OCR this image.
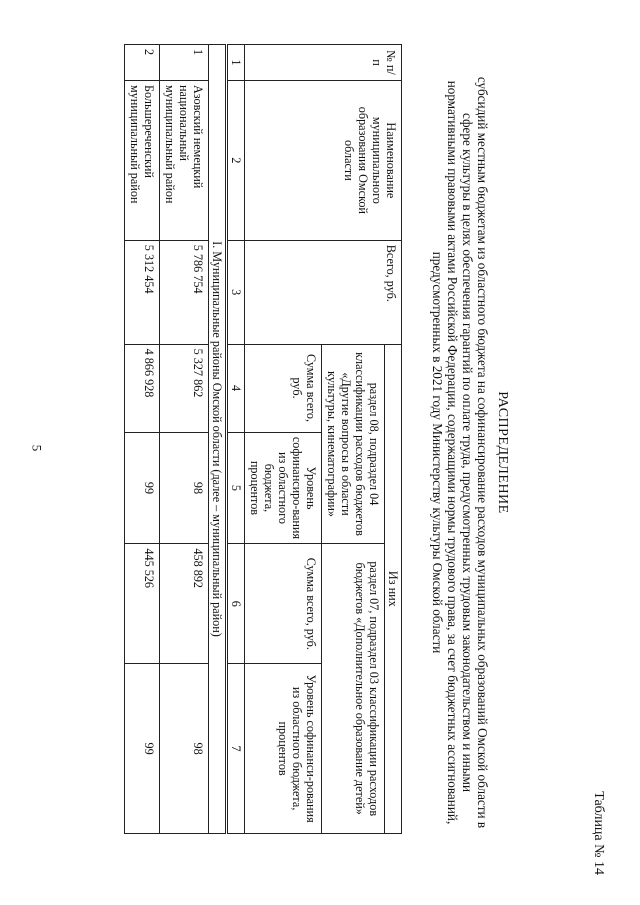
5
Таблица № 14
РАСПРЕДЕЛЕНИЕ
субсидий местным бюджетам из областного бюджета на софинансирование расходов муниципальных образований Омской области в сфере культуры в целях обеспечения гарантий по оплате труда, предусмотренных трудовым законодательством и иными нормативными правовыми актами Российской Федерации, содержащими нормы трудового права, за счет бюджетных ассигнований, предусмотренных в 2021 году Министерству культуры Омской области
№ п/п	Наименование муниципального образования Омской области	Всего, руб.	Из них			
			раздел 08, подраздел 04 классификации расходов бюджетов «Другие вопросы в области культуры, кинематографии»		раздел 07, подраздел 03 классификации расходов бюджетов «Дополнительное образование детей»	
			Сумма всего, руб.	Уровень софинансиро-вания из областного бюджета, процентов	Сумма всего, руб.	Уровень софинанси-рования из областного бюджета, процентов
1	2	3	4	5	6	7
I. Муниципальные районы Омской области (далее – муниципальный район)						
1	Азовский немецкий национальный муниципальный район	5 786 754	5 327 862	98	458 892	98
2	Большереченский муниципальный район	5 312 454	4 866 928	99	445 526	99
